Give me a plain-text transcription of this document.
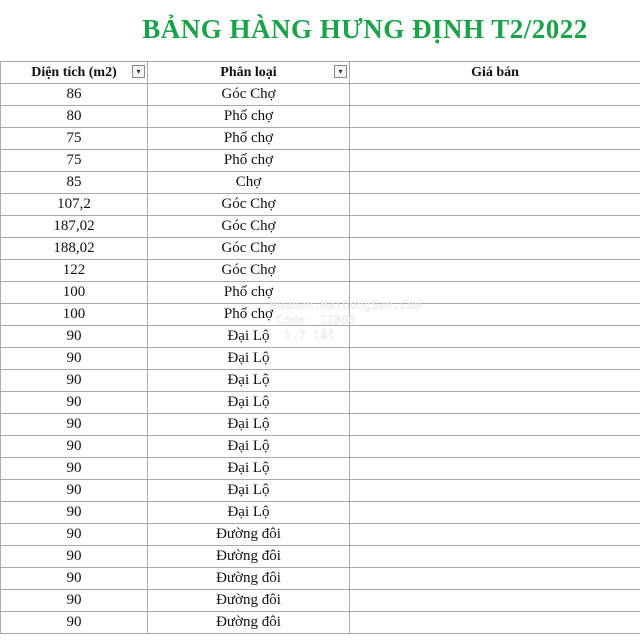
BẢNG HÀNG HƯNG ĐỊNH T2/2022
Diện tích (m2) ▾	Phân loại ▾	Giá bán
86	Góc Chợ	
80	Phố chợ	
75	Phố chợ	
75	Phố chợ	
85	Chợ	
107,2	Góc Chợ	
187,02	Góc Chợ	
188,02	Góc Chợ	
122	Góc Chợ	
100	Phố chợ	
100	Phố chợ	
90	Đại Lộ	
90	Đại Lộ	
90	Đại Lộ	
90	Đại Lộ	
90	Đại Lộ	
90	Đại Lộ	
90	Đại Lộ	
90	Đại Lộ	
90	Đại Lộ	
90	Đường đôi	
90	Đường đôi	
90	Đường đôi	
90	Đường đôi	
90	Đường đôi	
muaban.BatDongSan.Com
Code: 12886
1.7 tất
